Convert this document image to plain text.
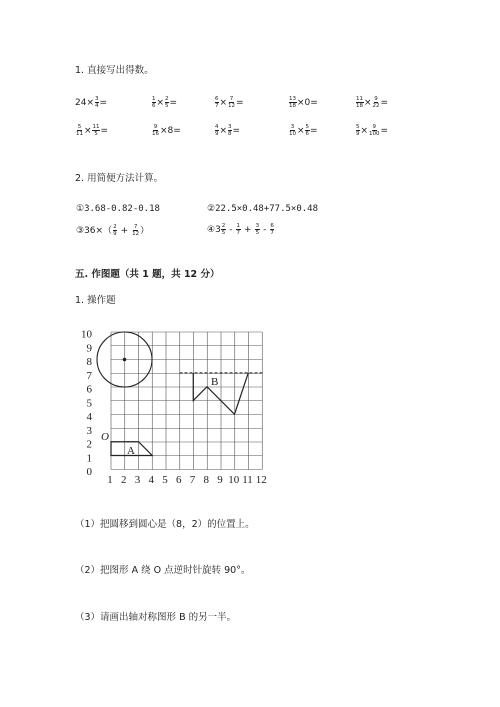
1. 直接写出得数。
$24\times \frac{3}{4}$ =	$\frac{1}{6} \times \frac{2}{5}$ =	$\frac{6}{7} \times \frac{7}{12}$ =	$\frac{13}{18} \times 0=$	$\frac{11}{18} \times \frac{9}{22}$ =
$\frac{5}{11} \times \frac{11}{5}$ =	$\frac{9}{16} \times 8=$	$\frac{4}{9} \times \frac{3}{8}$ =	$\frac{3}{10} \times \frac{5}{6}$ =	$\frac{5}{9} \times \frac{9}{100}$ =
2. 用简便方法计算。
①3.68-0.82-0.18	②22.5×0.48+77.5×0.48
③36×（ $\frac{2}{9} + \frac{7}{12}$ ）	④3 $\frac{2}{5} - \frac{1}{7} + \frac{3}{5} - \frac{6}{7}$
五. 作图题（共 1 题，共 12 分）
1. 操作题
0
1
2
3
4
5
6
7
8
9
10
1 2 3 4 5 6 7 8 9 10 11 12
B
A
O
（1）把圆移到圆心是（8，2）的位置上。
（2）把图形 A 绕 O 点逆时针旋转 90°。
（3）请画出轴对称图形 B 的另一半。
